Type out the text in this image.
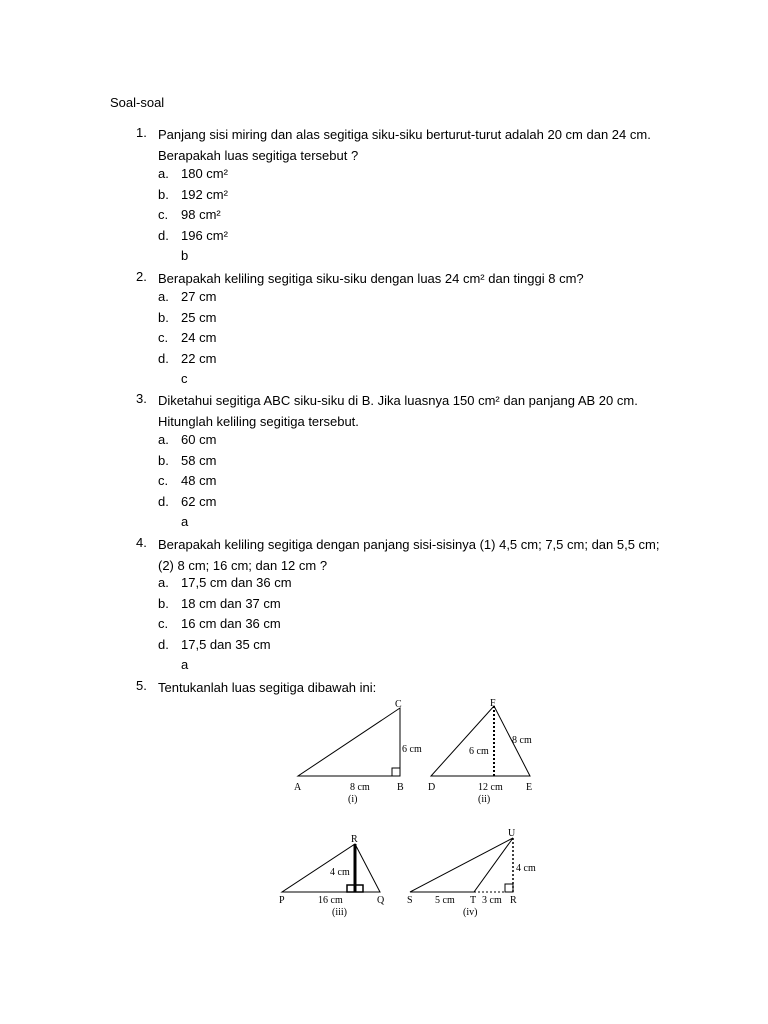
Soal-soal
1. Panjang sisi miring dan alas segitiga siku-siku berturut-turut adalah 20 cm dan 24 cm. Berapakah luas segitiga tersebut ?
a. 180 cm²
b. 192 cm²
c. 98 cm²
d. 196 cm²
b
2. Berapakah keliling segitiga siku-siku dengan luas 24 cm² dan tinggi 8 cm?
a. 27 cm
b. 25 cm
c. 24 cm
d. 22 cm
c
3. Diketahui segitiga ABC siku-siku di B. Jika luasnya 150 cm² dan panjang AB 20 cm. Hitunglah keliling segitiga tersebut.
a. 60 cm
b. 58 cm
c. 48 cm
d. 62 cm
a
4. Berapakah keliling segitiga dengan panjang sisi-sisinya (1) 4,5 cm; 7,5 cm; dan 5,5 cm; (2) 8 cm; 16 cm; dan 12 cm ?
a. 17,5 cm dan 36 cm
b. 18 cm dan 37 cm
c. 16 cm dan 36 cm
d. 17,5 dan 35 cm
a
5. Tentukanlah luas segitiga dibawah ini:
A	B
C
6 cm
8 cm
(i)
D	E
F
6 cm
8 cm
12 cm
(ii)
P	Q
R
4 cm
16 cm
(iii)
S	T	R
U
4 cm
5 cm	3 cm
(iv)
